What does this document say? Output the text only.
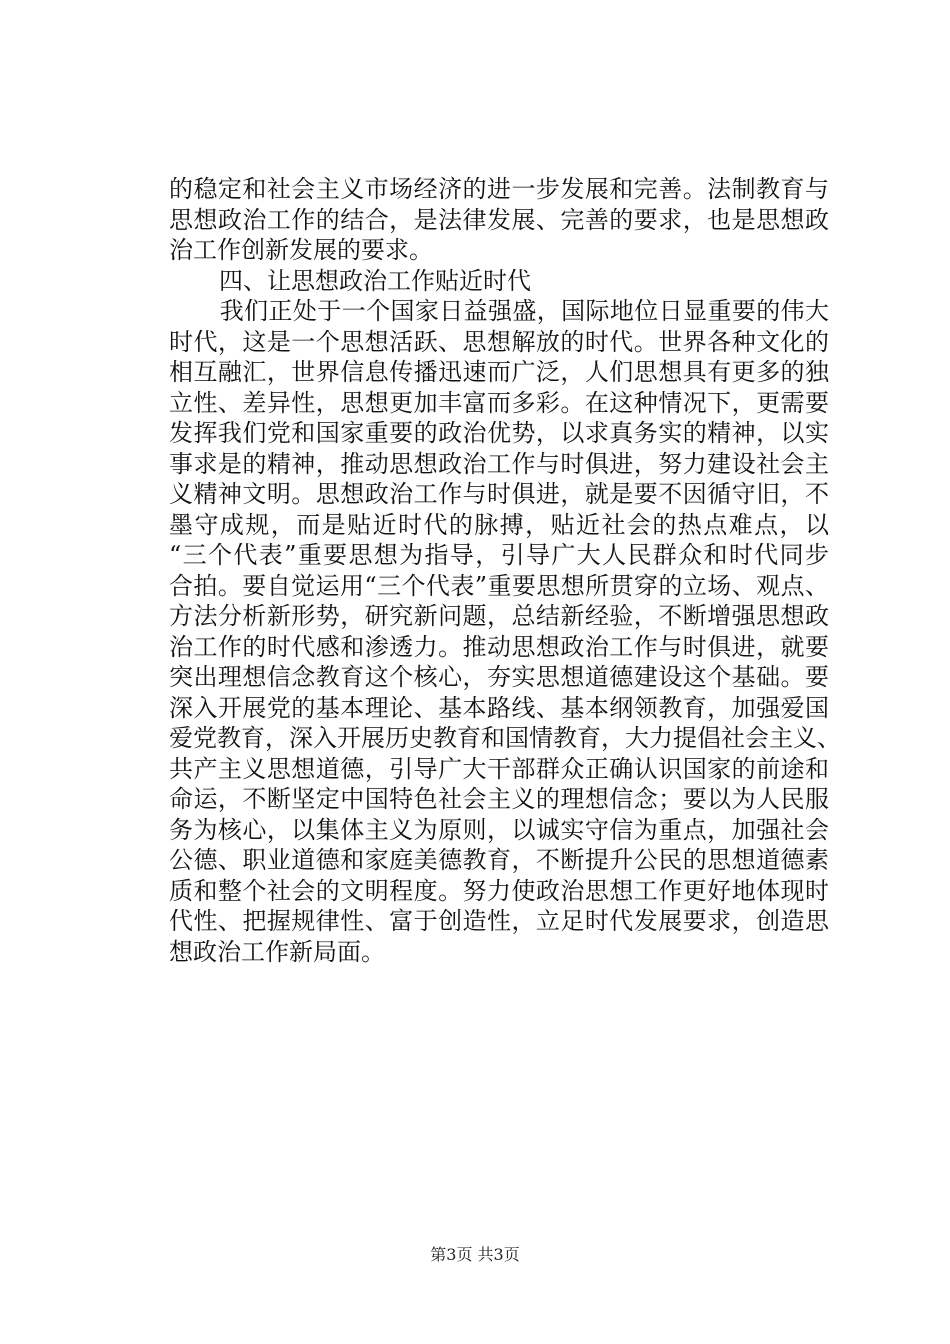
的稳定和社会主义市场经济的进一步发展和完善。法制教育与
思想政治工作的结合，是法律发展、完善的要求，也是思想政
治工作创新发展的要求。
四、让思想政治工作贴近时代
　　我们正处于一个国家日益强盛，国际地位日显重要的伟大
时代，这是一个思想活跃、思想解放的时代。世界各种文化的
相互融汇，世界信息传播迅速而广泛，人们思想具有更多的独
立性、差异性，思想更加丰富而多彩。在这种情况下，更需要
发挥我们党和国家重要的政治优势，以求真务实的精神，以实
事求是的精神，推动思想政治工作与时俱进，努力建设社会主
义精神文明。思想政治工作与时俱进，就是要不因循守旧，不
墨守成规，而是贴近时代的脉搏，贴近社会的热点难点，以
“三个代表”重要思想为指导，引导广大人民群众和时代同步
合拍。要自觉运用“三个代表”重要思想所贯穿的立场、观点、
方法分析新形势，研究新问题，总结新经验，不断增强思想政
治工作的时代感和渗透力。推动思想政治工作与时俱进，就要
突出理想信念教育这个核心，夯实思想道德建设这个基础。要
深入开展党的基本理论、基本路线、基本纲领教育，加强爱国
爱党教育，深入开展历史教育和国情教育，大力提倡社会主义、
共产主义思想道德，引导广大干部群众正确认识国家的前途和
命运，不断坚定中国特色社会主义的理想信念；要以为人民服
务为核心，以集体主义为原则，以诚实守信为重点，加强社会
公德、职业道德和家庭美德教育，不断提升公民的思想道德素
质和整个社会的文明程度。努力使政治思想工作更好地体现时
代性、把握规律性、富于创造性，立足时代发展要求，创造思
想政治工作新局面。
第3页 共3页
